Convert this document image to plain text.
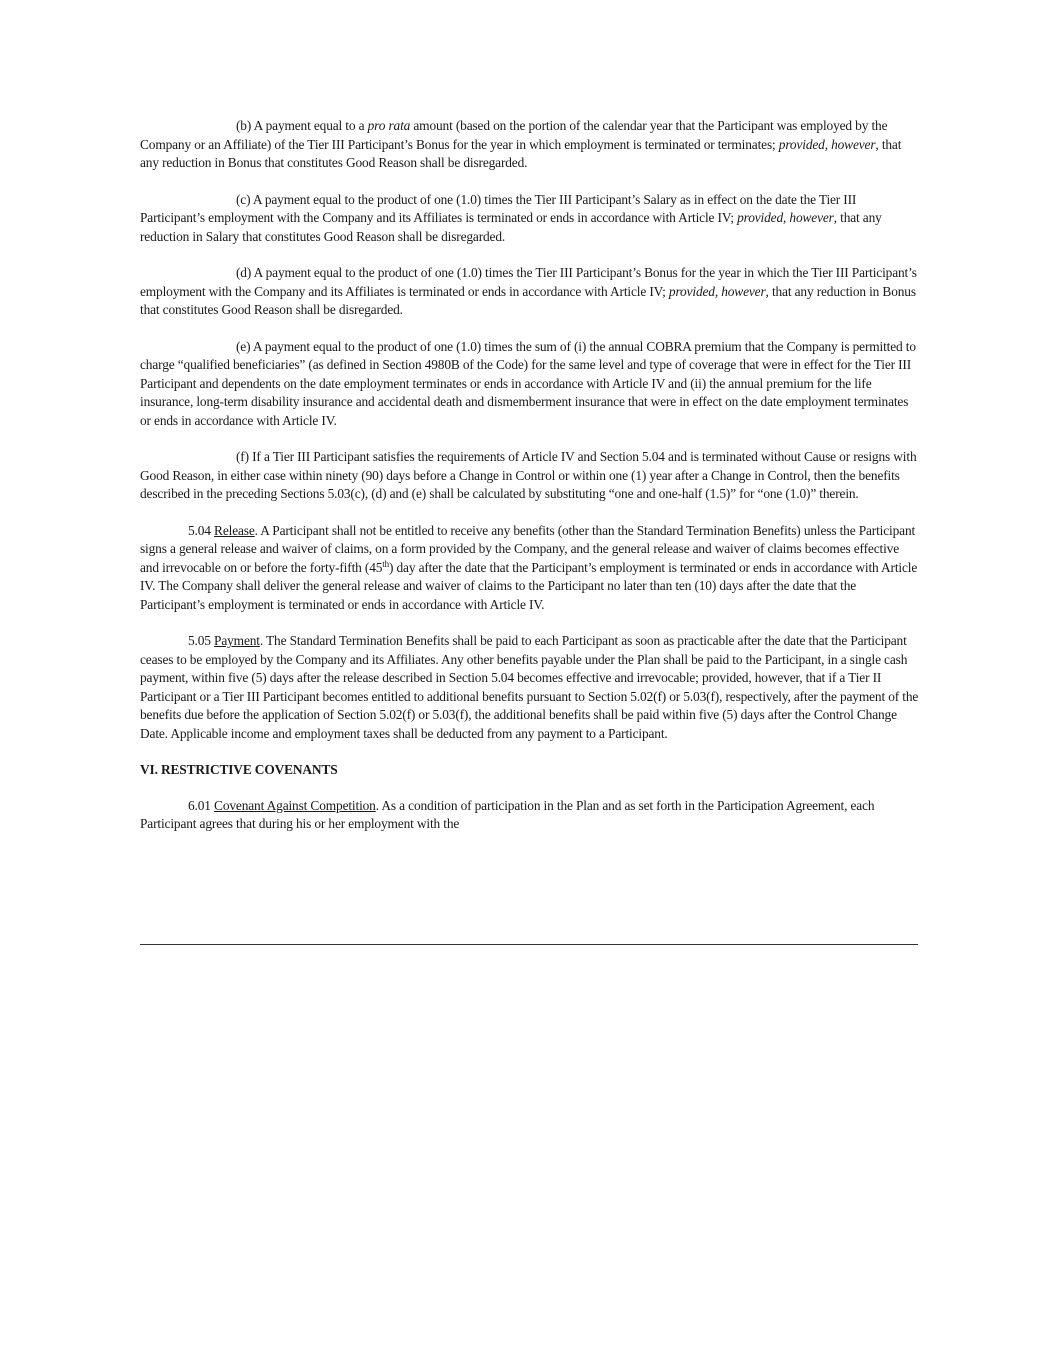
(b) A payment equal to a pro rata amount (based on the portion of the calendar year that the Participant was employed by the Company or an Affiliate) of the Tier III Participant’s Bonus for the year in which employment is terminated or terminates; provided, however, that any reduction in Bonus that constitutes Good Reason shall be disregarded.

(c) A payment equal to the product of one (1.0) times the Tier III Participant’s Salary as in effect on the date the Tier III Participant’s employment with the Company and its Affiliates is terminated or ends in accordance with Article IV; provided, however, that any reduction in Salary that constitutes Good Reason shall be disregarded.

(d) A payment equal to the product of one (1.0) times the Tier III Participant’s Bonus for the year in which the Tier III Participant’s employment with the Company and its Affiliates is terminated or ends in accordance with Article IV; provided, however, that any reduction in Bonus that constitutes Good Reason shall be disregarded.

(e) A payment equal to the product of one (1.0) times the sum of (i) the annual COBRA premium that the Company is permitted to charge “qualified beneficiaries” (as defined in Section 4980B of the Code) for the same level and type of coverage that were in effect for the Tier III Participant and dependents on the date employment terminates or ends in accordance with Article IV and (ii) the annual premium for the life insurance, long-term disability insurance and accidental death and dismemberment insurance that were in effect on the date employment terminates or ends in accordance with Article IV.

(f) If a Tier III Participant satisfies the requirements of Article IV and Section 5.04 and is terminated without Cause or resigns with Good Reason, in either case within ninety (90) days before a Change in Control or within one (1) year after a Change in Control, then the benefits described in the preceding Sections 5.03(c), (d) and (e) shall be calculated by substituting “one and one-half (1.5)” for “one (1.0)” therein.

5.04 Release. A Participant shall not be entitled to receive any benefits (other than the Standard Termination Benefits) unless the Participant signs a general release and waiver of claims, on a form provided by the Company, and the general release and waiver of claims becomes effective and irrevocable on or before the forty-fifth (45th) day after the date that the Participant’s employment is terminated or ends in accordance with Article IV. The Company shall deliver the general release and waiver of claims to the Participant no later than ten (10) days after the date that the Participant’s employment is terminated or ends in accordance with Article IV.

5.05 Payment. The Standard Termination Benefits shall be paid to each Participant as soon as practicable after the date that the Participant ceases to be employed by the Company and its Affiliates. Any other benefits payable under the Plan shall be paid to the Participant, in a single cash payment, within five (5) days after the release described in Section 5.04 becomes effective and irrevocable; provided, however, that if a Tier II Participant or a Tier III Participant becomes entitled to additional benefits pursuant to Section 5.02(f) or 5.03(f), respectively, after the payment of the benefits due before the application of Section 5.02(f) or 5.03(f), the additional benefits shall be paid within five (5) days after the Control Change Date. Applicable income and employment taxes shall be deducted from any payment to a Participant.

VI. RESTRICTIVE COVENANTS

6.01 Covenant Against Competition. As a condition of participation in the Plan and as set forth in the Participation Agreement, each Participant agrees that during his or her employment with the
